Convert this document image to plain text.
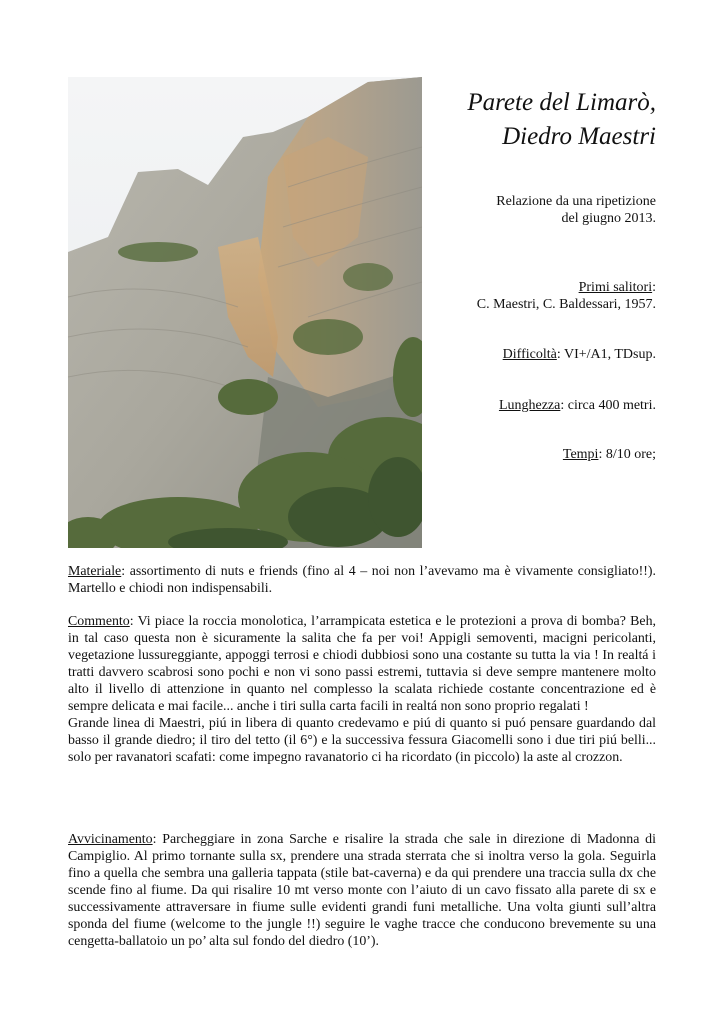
Parete del Limarò,
Diedro Maestri
Relazione da una ripetizione
del giugno 2013.
Primi salitori:
C. Maestri, C. Baldessari, 1957.
Difficoltà: VI+/A1, TDsup.
Lunghezza: circa 400 metri.
Tempi: 8/10 ore;

Materiale: assortimento di nuts e friends (fino al 4 – noi non l’avevamo ma è vivamente consigliato!!). Martello e chiodi non indispensabili.

Commento: Vi piace la roccia monolotica, l’arrampicata estetica e le protezioni a prova di bomba? Beh, in tal caso questa non è sicuramente la salita che fa per voi! Appigli semoventi, macigni pericolanti, vegetazione lussureggiante, appoggi terrosi e chiodi dubbiosi sono una costante su tutta la via ! In realtá i tratti davvero scabrosi sono pochi e non vi sono passi estremi, tuttavia si deve sempre mantenere molto alto il livello di attenzione in quanto nel complesso la scalata richiede costante concentrazione ed è sempre delicata e mai facile... anche i tiri sulla carta facili in realtá non sono proprio regalati !

Grande linea di Maestri, piú in libera di quanto credevamo e piú di quanto si puó pensare guardando dal basso il grande diedro; il tiro del tetto (il 6°) e la successiva fessura Giacomelli sono i due tiri piú belli... solo per ravanatori scafati: come impegno ravanatorio ci ha ricordato (in piccolo) la aste al crozzon.

Avvicinamento: Parcheggiare in zona Sarche e risalire la strada che sale in direzione di Madonna di Campiglio. Al primo tornante sulla sx, prendere una strada sterrata che si inoltra verso la gola. Seguirla fino a quella che sembra una galleria tappata (stile bat-caverna) e da qui prendere una traccia sulla dx che scende fino al fiume. Da qui risalire 10 mt verso monte con l’aiuto di un cavo fissato alla parete di sx e successivamente attraversare in fiume sulle evidenti grandi funi metalliche. Una volta giunti sull’altra sponda del fiume (welcome to the jungle !!) seguire le vaghe tracce che conducono brevemente su una cengetta-ballatoio un po’ alta sul fondo del diedro (10’).
